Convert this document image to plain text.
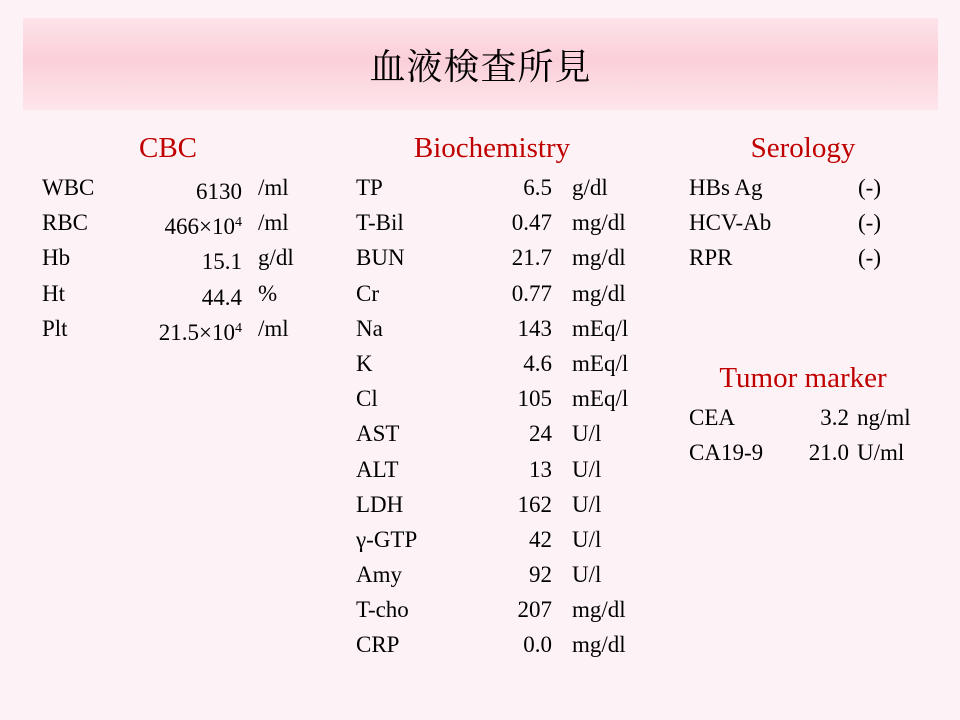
血液検査所見
CBC	Biochemistry	Serology
Tumor marker
WBC	6130 /ml
RBC	$466\times 10^4$ /ml
Hb	15.1 g/dl
Ht	44.4 %
Plt	$21.5\times 10^4$ /ml
TP	6.5 g/dl
T-Bil	0.47 mg/dl
BUN	21.7 mg/dl
Cr	0.77 mg/dl
Na	143 mEq/l
K	4.6 mEq/l
Cl	105 mEq/l
AST	24 U/l
ALT	13 U/l
LDH	162 U/l
γ-GTP	42 U/l
Amy	92 U/l
T-cho	207 mg/dl
CRP	0.0 mg/dl
HBs Ag	(-)
HCV-Ab	(-)
RPR	(-)
CEA	3.2 ng/ml
CA19-9 21.0 U/ml
